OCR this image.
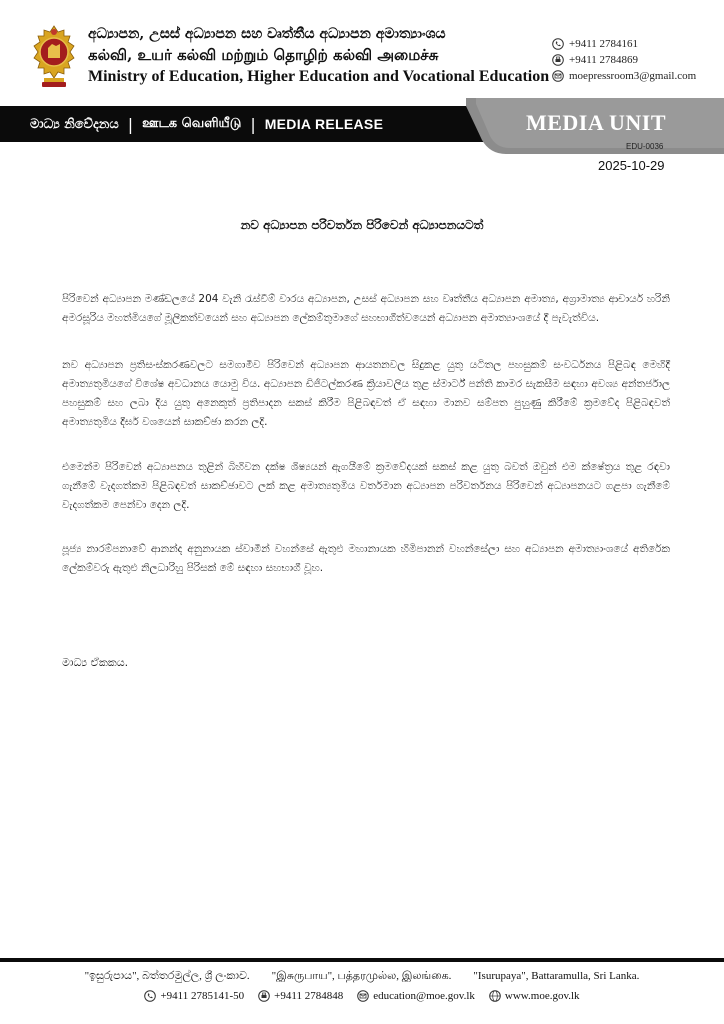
අධ්‍යාපන, උසස් අධ්‍යාපන සහ වෘත්තීය අධ්‍යාපන අමාත්‍යාංශය
கல்வி, உயர் கல்வி மற்றும் தொழிற் கல்வி அமைச்சு
Ministry of Education, Higher Education and Vocational Education
+9411 2784161
+9411 2784869
moepressroom3@gmail.com
මාධ්‍ය නිවේදනය | ஊடக வெளியீடு | MEDIA RELEASE	MEDIA UNIT
EDU-0036
2025-10-29
නව අධ්‍යාපන පරිවර්තන පිරිවෙන් අධ්‍යාපනයටත්
පිරිවෙන් අධ්‍යාපන මණ්ඩලයේ 204 වැනි රැස්වීම් වාරය අධ්‍යාපන, උසස් අධ්‍යාපන සහ වෘත්තීය අධ්‍යාපන අමාත්‍ය, අග්‍රාමාත්‍ය ආචාර්ය හරිනි අමරසූරිය මහත්මියගේ මූලිකත්වයෙන් සහ අධ්‍යාපන ලේකම්තුමාගේ සහභාගීත්වයෙන් අධ්‍යාපන අමාත්‍යාංශයේ දී පැවැත්විය.
නව අධ්‍යාපන ප්‍රතිසංස්කරණවලට සමගාමීව පිරිවෙන් අධ්‍යාපන ආයතනවල සිදුකළ යුතු යටිතල පහසුකම් සංවර්ධනය පිළිබඳ මෙහිදී අමාත්‍යතුමියගේ විශේෂ අවධානය යොමු විය. අධ්‍යාපන ඩිජිටල්කරණ ක්‍රියාවලිය තුළ ස්මාර්ට් පන්ති කාමර සැකසීම සඳහා අවශ්‍ය අන්තර්ජාල පහසුකම් සහ ලබා දිය යුතු අනෙකුත් ප්‍රතිපාදන සකස් කිරීම පිළිබඳවත් ඒ සඳහා මානව සම්පත පුහුණු කිරීමේ ක්‍රමවේද පිළිබඳවත් අමාත්‍යතුමිය දීර්ඝ වශයෙන් සාකච්ඡා කරන ලදි.
එමෙන්ම පිරිවෙන් අධ්‍යාපනය තුළින් බිහිවන දක්ෂ ශිෂ්‍යයන් ඇගයීමේ ක්‍රමවේදයක් සකස් කළ යුතු බවත් ඔවුන් එම ක්ෂේත්‍රය තුළ රඳවා ගැනීමේ වැදගත්කම පිළිබඳවත් සාකච්ඡාවට ලක් කළ අමාත්‍යතුමිය වර්තමාන අධ්‍යාපන පරිවර්තනය පිරිවෙන් අධ්‍යාපනයට ගළපා ගැනීමේ වැදගත්කම පෙන්වා දෙන ලදි.
පූජ්‍ය නාරම්පනාවේ ආනන්ද අනුනායක ස්වාමීන් වහන්සේ ඇතුළු මහානායක හිමිපානන් වහන්සේලා සහ අධ්‍යාපන අමාත්‍යාංශයේ අතිරේක ලේකම්වරු ඇතුළු නිලධාරිහු පිරිසක් මේ සඳහා සහභාගී වූහ.
මාධ්‍ය ඒකකය.
"ඉසුරුපාය", බත්තරමුල්ල, ශ්‍රී ලංකාව. "இசுருபாய", பத்தரமுல்ல, இலங்கை. "Isurupaya", Battaramulla, Sri Lanka.
+9411 2785141-50	+9411 2784848	education@moe.gov.lk	www.moe.gov.lk
